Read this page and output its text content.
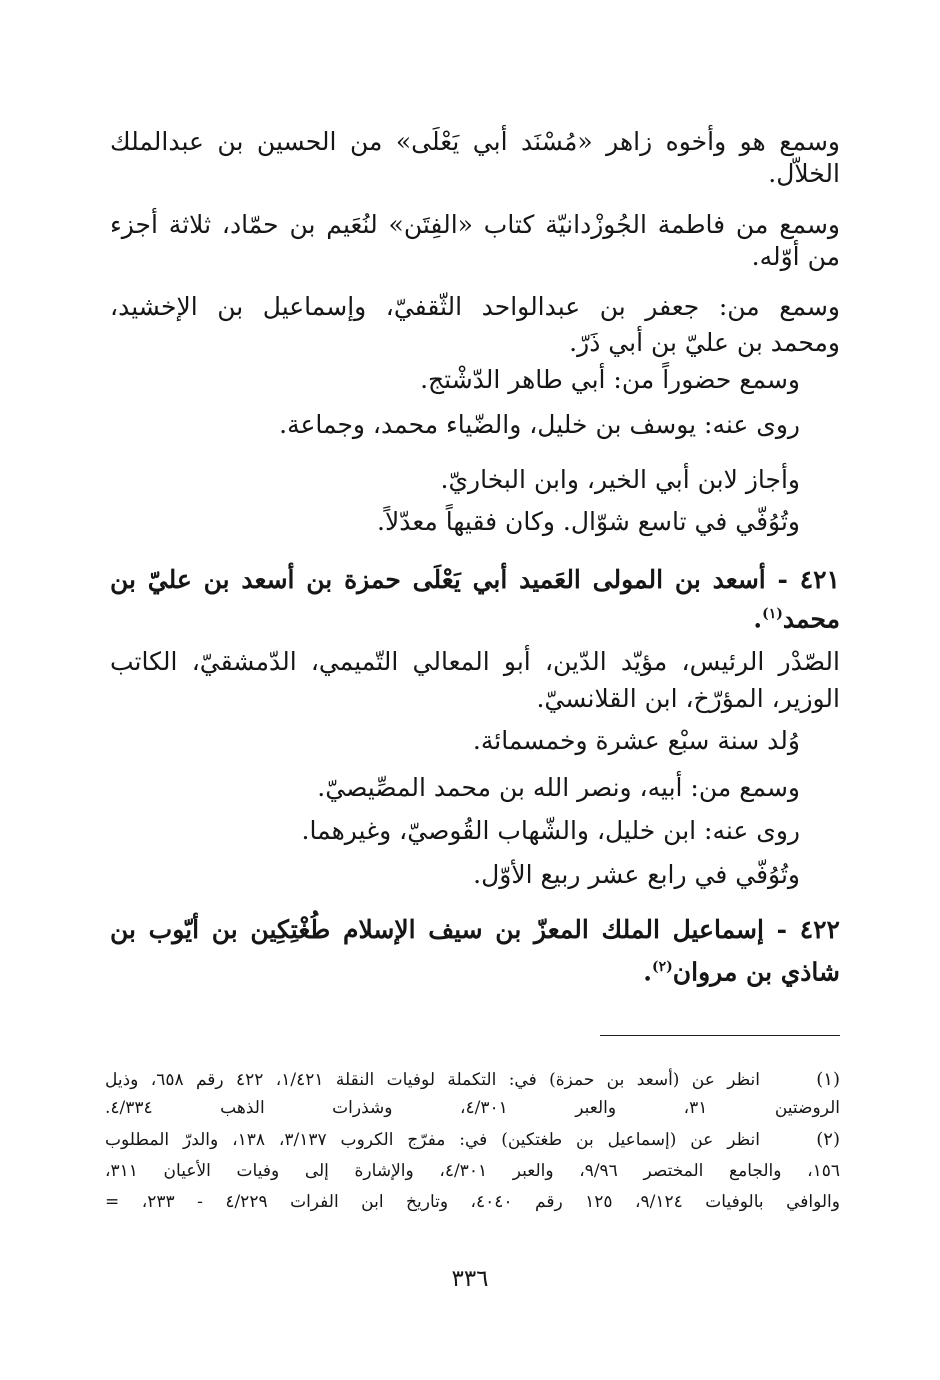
وسمع هو وأخوه زاهر «مُسْنَد أبي يَعْلَى» من الحسين بن عبدالملك
الخلاّل.
وسمع من فاطمة الجُوزْدانيّة كتاب «الفِتَن» لنُعَيم بن حمّاد، ثلاثة أجزء
من أوّله.
وسمع من: جعفر بن عبدالواحد الثّقفيّ، وإسماعيل بن الإخشيد،
ومحمد بن عليّ بن أبي ذَرّ.
وسمع حضوراً من: أبي طاهر الدّشْتج.
روى عنه: يوسف بن خليل، والضّياء محمد، وجماعة.
وأجاز لابن أبي الخير، وابن البخاريّ.
وتُوُفّي في تاسع شوّال. وكان فقيهاً معدّلاً.
٤٢١ - أسعد بن المولى العَميد أبي يَعْلَى حمزة بن أسعد بن عليّ بن
محمد$^{(١)}$.
الصّدْر الرئيس، مؤيّد الدّين، أبو المعالي التّميمي، الدّمشقيّ، الكاتب
الوزير، المؤرّخ، ابن القلانسيّ.
وُلد سنة سبْع عشرة وخمسمائة.
وسمع من: أبيه، ونصر الله بن محمد المصِّيصيّ.
روى عنه: ابن خليل، والشّهاب القُوصيّ، وغيرهما.
وتُوُفّي في رابع عشر ربيع الأوّل.
٤٢٢ - إسماعيل الملك المعزّ بن سيف الإسلام طُغْتِكِين بن أيّوب بن
شاذي بن مروان$^{(٢)}$.
(١)
انظر عن (أسعد بن حمزة) في: التكملة لوفيات النقلة ١/٤٢١، ٤٢٢ رقم ٦٥٨، وذيل
الروضتين ٣١، والعبر ٤/٣٠١، وشذرات الذهب ٤/٣٣٤.
(٢)
انظر عن (إسماعيل بن طغتكين) في: مفرّج الكروب ٣/١٣٧، ١٣٨، والدرّ المطلوب
١٥٦، والجامع المختصر ٩/٩٦، والعبر ٤/٣٠١، والإشارة إلى وفيات الأعيان ٣١١،
والوافي بالوفيات ٩/١٢٤، ١٢٥ رقم ٤٠٤٠، وتاريخ ابن الفرات ٤/٢٢٩ - ٢٣٣، =
٣٣٦
